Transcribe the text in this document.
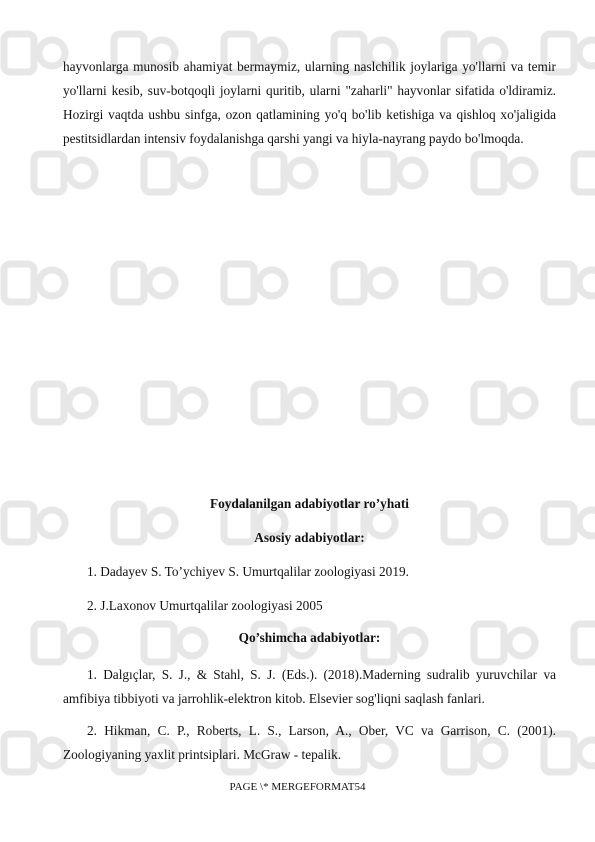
hayvonlarga munosib ahamiyat bermaymiz, ularning naslchilik joylariga yo'llarni va temir yo'llarni kesib, suv-botqoqli joylarni quritib, ularni "zaharli" hayvonlar sifatida o'ldiramiz. Hozirgi vaqtda ushbu sinfga, ozon qatlamining yo'q bo'lib ketishiga va qishloq xo'jaligida pestitsidlardan intensiv foydalanishga qarshi yangi va hiyla-nayrang paydo bo'lmoqda.
Foydalanilgan adabiyotlar ro’yhati
Asosiy adabiyotlar:
1. Dadayev S. To’ychiyev S. Umurtqalilar zoologiyasi 2019.
2. J.Laxonov Umurtqalilar zoologiyasi 2005
Qo’shimcha adabiyotlar:
1. Dalgıçlar, S. J., & Stahl, S. J. (Eds.). (2018).Maderning sudralib yuruvchilar va amfibiya tibbiyoti va jarrohlik-elektron kitob. Elsevier sog'liqni saqlash fanlari.
2. Hikman, C. P., Roberts, L. S., Larson, A., Ober, VC va Garrison, C. (2001). Zoologiyaning yaxlit printsiplari. McGraw - tepalik.
PAGE \* MERGEFORMAT54
